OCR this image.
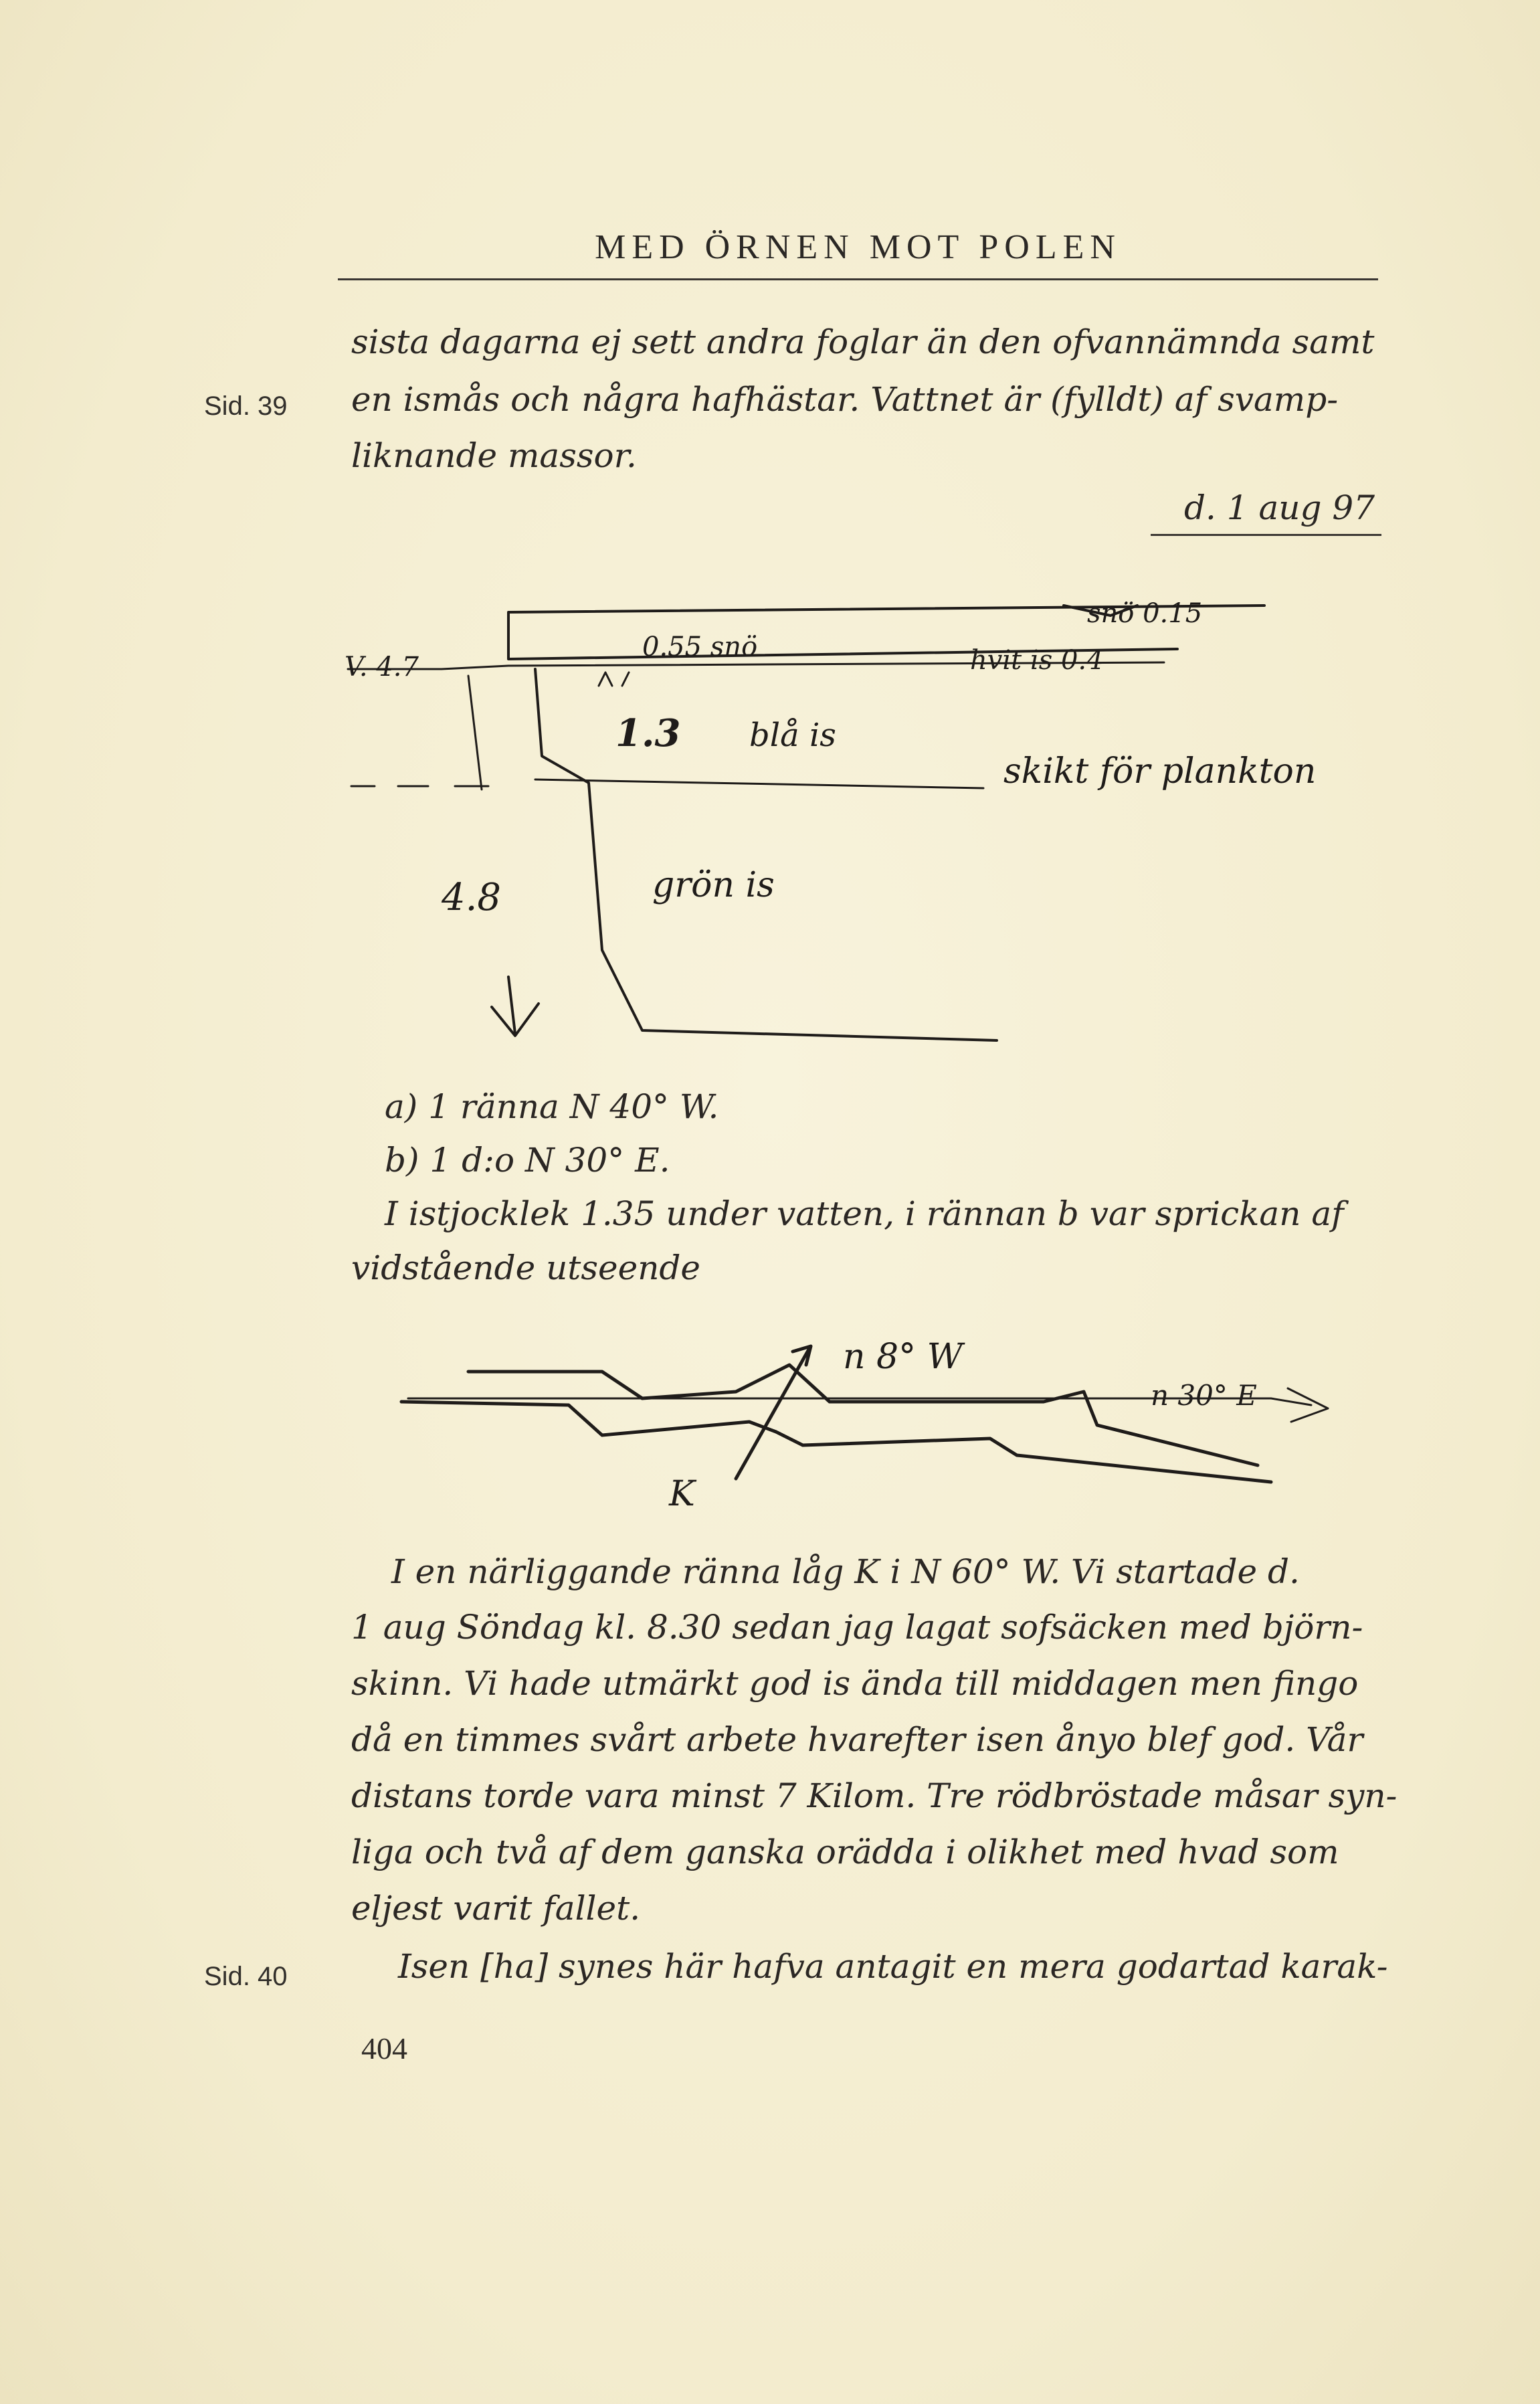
MED ÖRNEN MOT POLEN
Sid. 39
sista dagarna ej sett andra foglar än den ofvannämnda samt
en ismås och några hafhästar. Vattnet är (fylldt) af svamp-
liknande massor.
d. 1 aug 97
0.55 snö
snö 0.15
hvit is 0.4
V. 4.7
1.3 blå is
skikt för plankton
4.8	grön is
a) 1 ränna N 40° W.
b) 1 d:o N 30° E.
I istjocklek 1.35 under vatten, i rännan b var sprickan af
vidstående utseende
n 8° W
n 30° E
K
I en närliggande ränna låg K i N 60° W. Vi startade d.
1 aug Söndag kl. 8.30 sedan jag lagat sofsäcken med björn-
skinn. Vi hade utmärkt god is ända till middagen men fingo
då en timmes svårt arbete hvarefter isen ånyo blef god. Vår
distans torde vara minst 7 Kilom. Tre rödbröstade måsar syn-
liga och två af dem ganska orädda i olikhet med hvad som
eljest varit fallet.
Sid. 40	Isen [ha] synes här hafva antagit en mera godartad karak-
404
